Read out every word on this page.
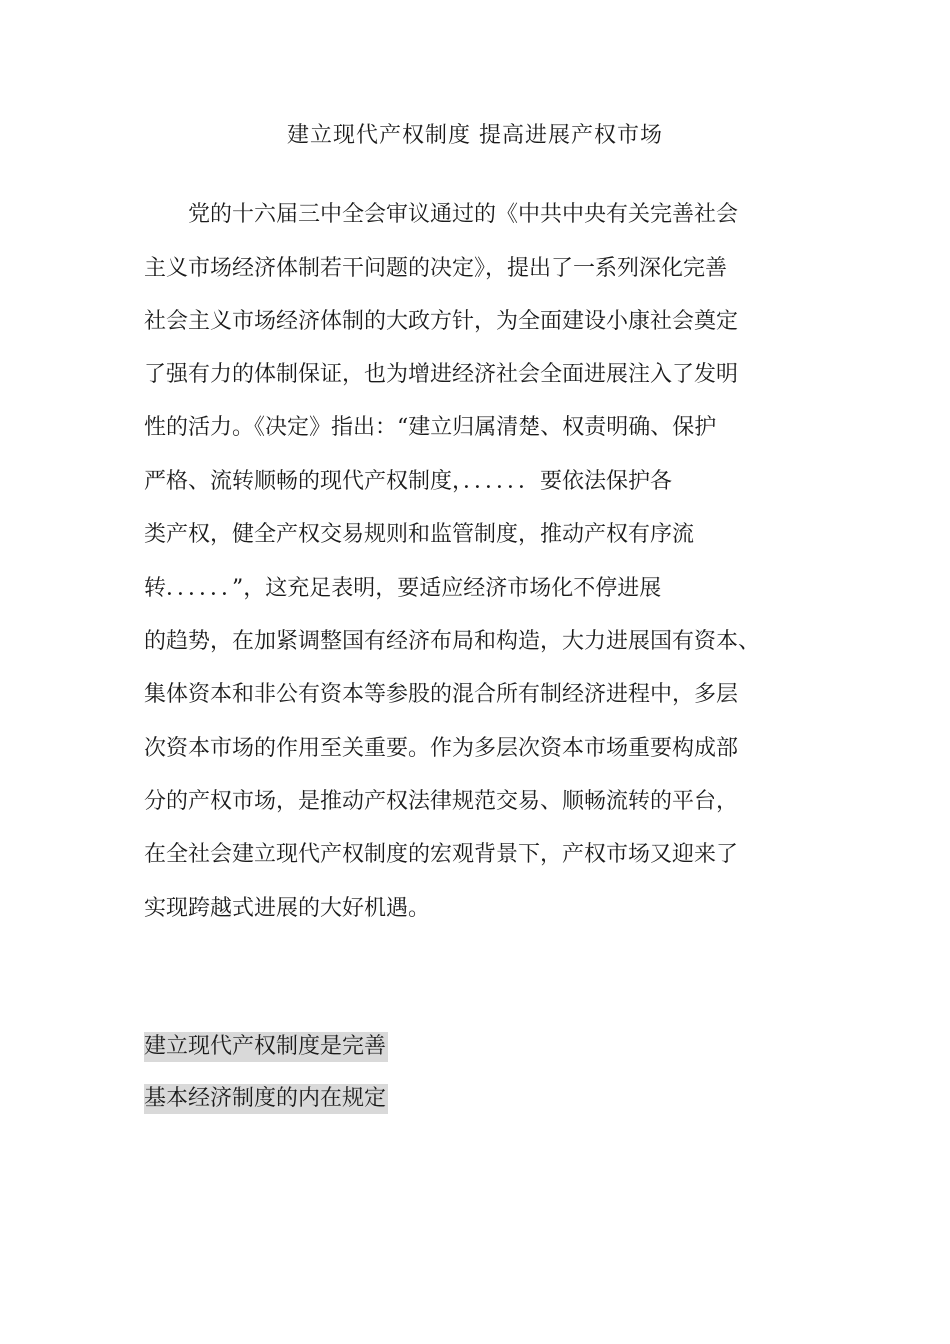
建立现代产权制度 提高进展产权市场
　　党的十六届三中全会审议通过的《中共中央有关完善社会
主义市场经济体制若干问题的决定》，提出了一系列深化完善
社会主义市场经济体制的大政方针，为全面建设小康社会奠定
了强有力的体制保证，也为增进经济社会全面进展注入了发明
性的活力。《决定》指出：“建立归属清楚、权责明确、保护
严格、流转顺畅的现代产权制度，．．．．．．要依法保护各
类产权，健全产权交易规则和监管制度，推动产权有序流
转．．．．．．”，这充足表明，要适应经济市场化不停进展
的趋势，在加紧调整国有经济布局和构造，大力进展国有资本、
集体资本和非公有资本等参股的混合所有制经济进程中，多层
次资本市场的作用至关重要。作为多层次资本市场重要构成部
分的产权市场，是推动产权法律规范交易、顺畅流转的平台，
在全社会建立现代产权制度的宏观背景下，产权市场又迎来了
实现跨越式进展的大好机遇。
建立现代产权制度是完善
基本经济制度的内在规定
